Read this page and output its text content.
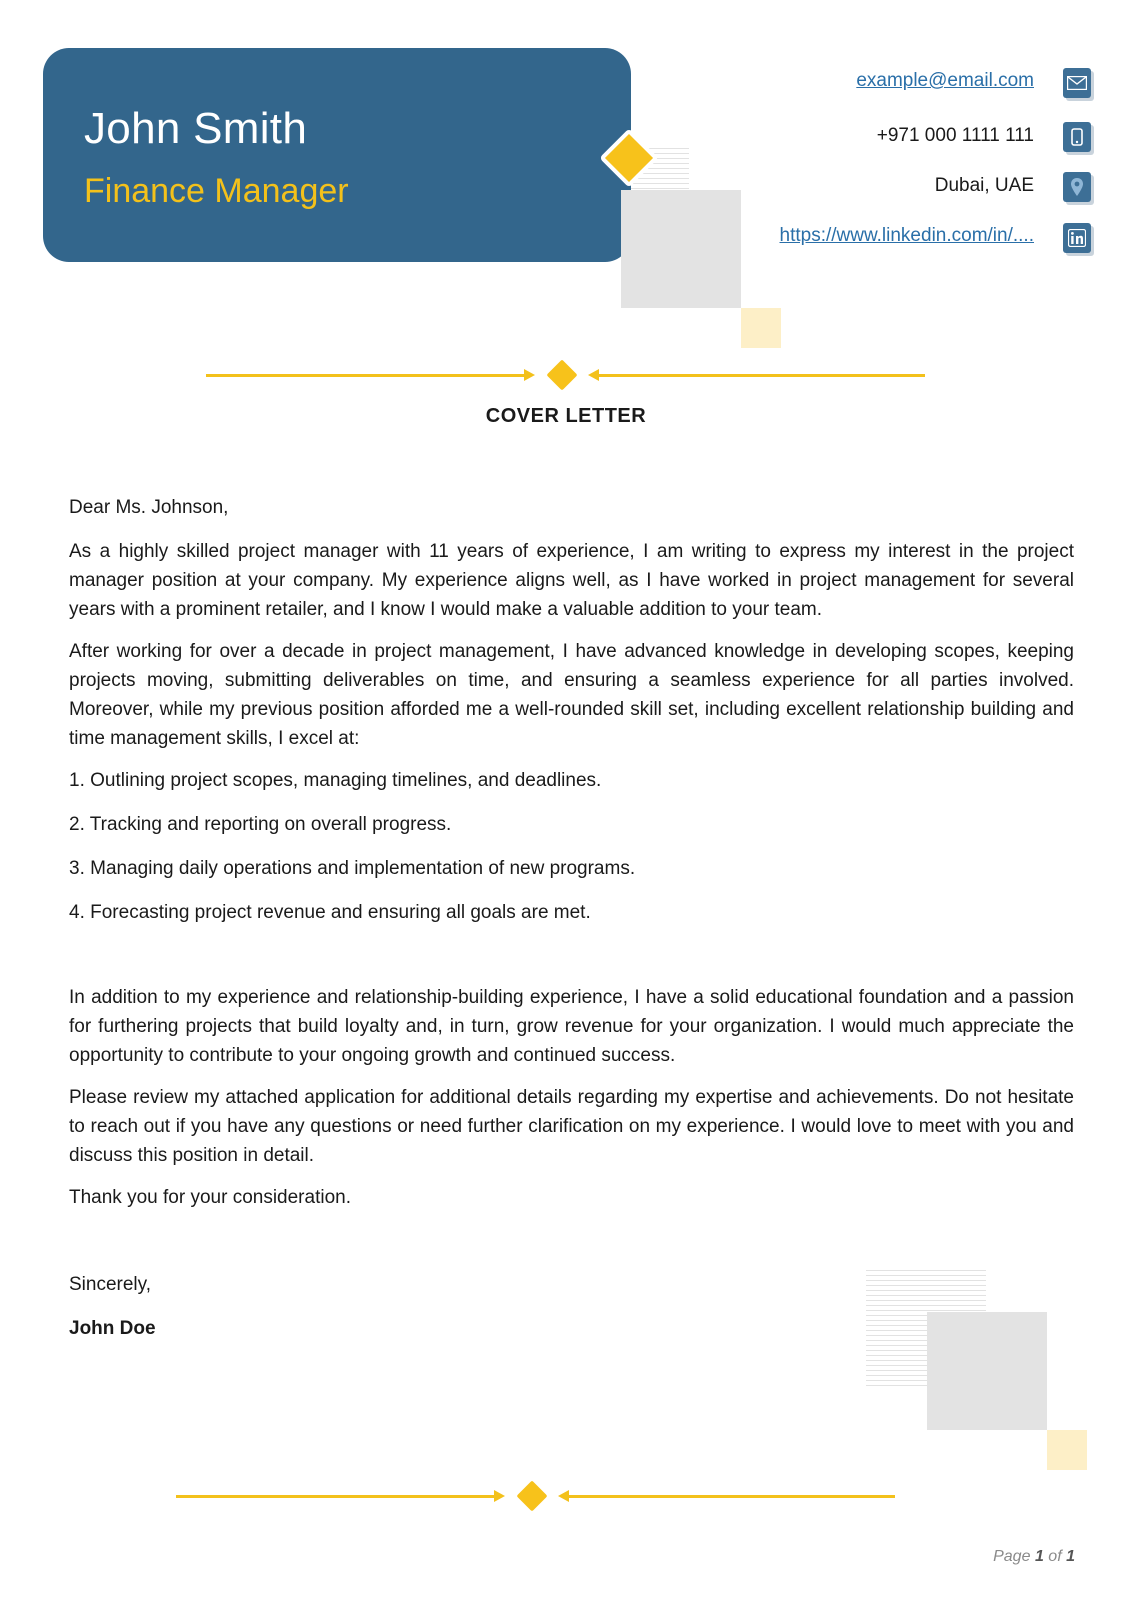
John Smith
Finance Manager
example@email.com
+971 000 1111 111
Dubai, UAE
https://www.linkedin.com/in/....
COVER LETTER
Dear Ms. Johnson,

As a highly skilled project manager with 11 years of experience, I am writing to express my interest in the project manager position at your company. My experience aligns well, as I have worked in project management for several years with a prominent retailer, and I know I would make a valuable addition to your team.

After working for over a decade in project management, I have advanced knowledge in developing scopes, keeping projects moving, submitting deliverables on time, and ensuring a seamless experience for all parties involved. Moreover, while my previous position afforded me a well-rounded skill set, including excellent relationship building and time management skills, I excel at:

1. Outlining project scopes, managing timelines, and deadlines.
2. Tracking and reporting on overall progress.
3. Managing daily operations and implementation of new programs.
4. Forecasting project revenue and ensuring all goals are met.

In addition to my experience and relationship-building experience, I have a solid educational foundation and a passion for furthering projects that build loyalty and, in turn, grow revenue for your organization. I would much appreciate the opportunity to contribute to your ongoing growth and continued success.

Please review my attached application for additional details regarding my expertise and achievements. Do not hesitate to reach out if you have any questions or need further clarification on my experience. I would love to meet with you and discuss this position in detail.

Thank you for your consideration.
Sincerely,
John Doe
Page 1 of 1
